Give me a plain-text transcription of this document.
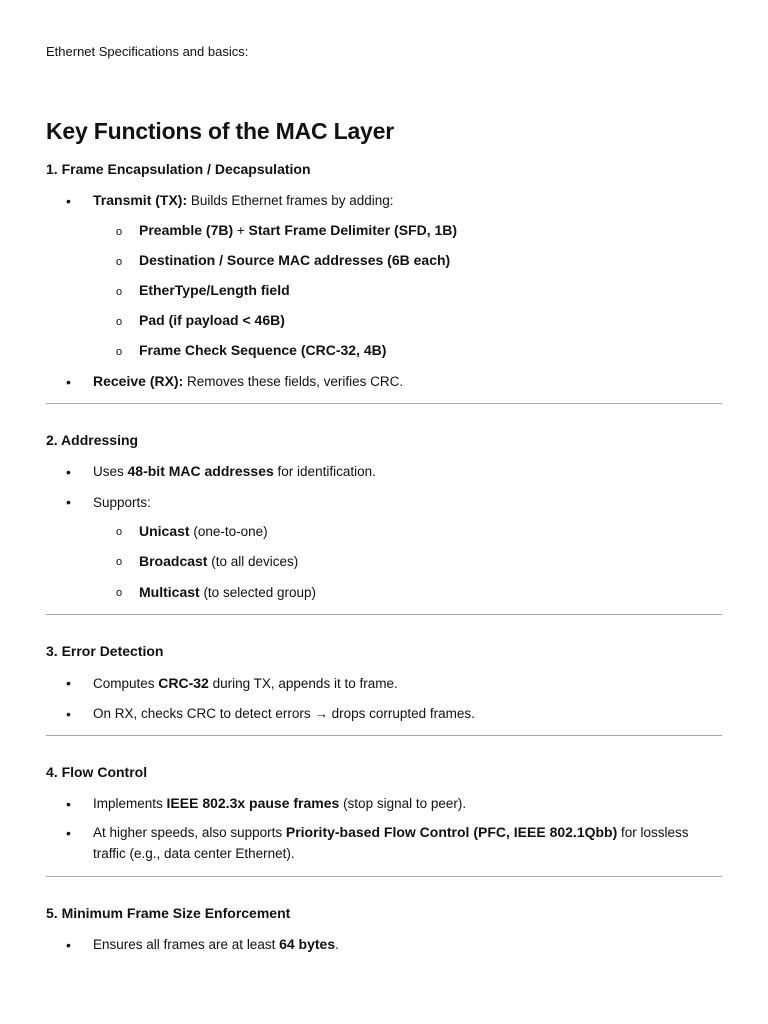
Ethernet Specifications and basics:
Key Functions of the MAC Layer
1. Frame Encapsulation / Decapsulation
• Transmit (TX): Builds Ethernet frames by adding:
o Preamble (7B) + Start Frame Delimiter (SFD, 1B)
o Destination / Source MAC addresses (6B each)
o EtherType/Length field
o Pad (if payload < 46B)
o Frame Check Sequence (CRC-32, 4B)
• Receive (RX): Removes these fields, verifies CRC.
2. Addressing
• Uses 48-bit MAC addresses for identification.
• Supports:
o Unicast (one-to-one)
o Broadcast (to all devices)
o Multicast (to selected group)
3. Error Detection
• Computes CRC-32 during TX, appends it to frame.
• On RX, checks CRC to detect errors → drops corrupted frames.
4. Flow Control
• Implements IEEE 802.3x pause frames (stop signal to peer).
• At higher speeds, also supports Priority-based Flow Control (PFC, IEEE 802.1Qbb) for lossless traffic (e.g., data center Ethernet).
5. Minimum Frame Size Enforcement
• Ensures all frames are at least 64 bytes.
